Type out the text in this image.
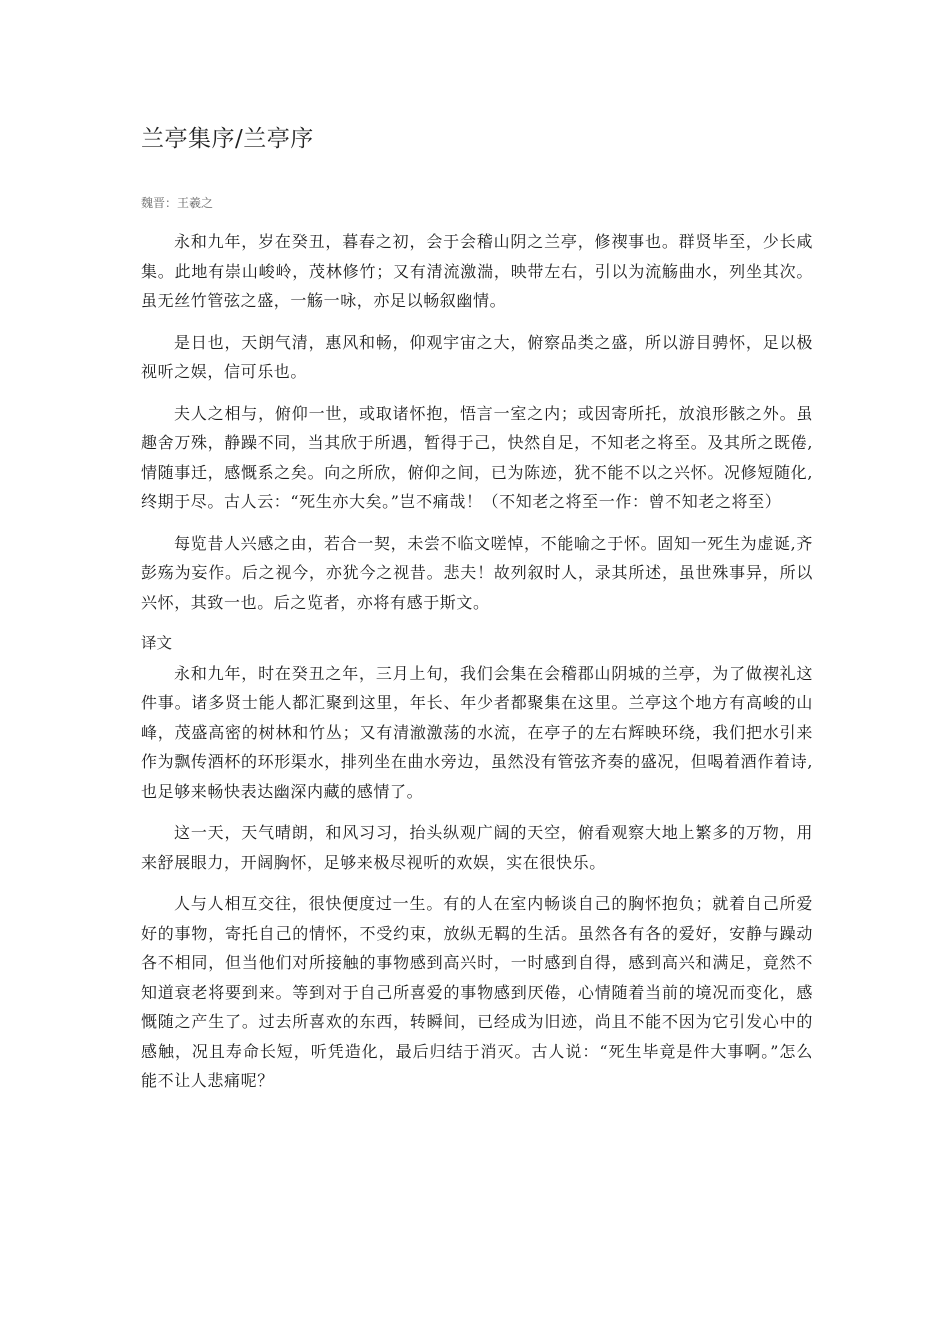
兰亭集序/兰亭序
魏晋：王羲之

永和九年，岁在癸丑，暮春之初，会于会稽山阴之兰亭，修禊事也。群贤毕至，少长咸集。此地有崇山峻岭，茂林修竹；又有清流激湍，映带左右，引以为流觞曲水，列坐其次。虽无丝竹管弦之盛，一觞一咏，亦足以畅叙幽情。

是日也，天朗气清，惠风和畅，仰观宇宙之大，俯察品类之盛，所以游目骋怀，足以极视听之娱，信可乐也。

夫人之相与，俯仰一世，或取诸怀抱，悟言一室之内；或因寄所托，放浪形骸之外。虽趣舍万殊，静躁不同，当其欣于所遇，暂得于己，快然自足，不知老之将至。及其所之既倦,情随事迁，感慨系之矣。向之所欣，俯仰之间，已为陈迹，犹不能不以之兴怀。况修短随化,终期于尽。古人云：“死生亦大矣。”岂不痛哉！（不知老之将至一作：曾不知老之将至）

每览昔人兴感之由，若合一契，未尝不临文嗟悼，不能喻之于怀。固知一死生为虚诞,齐彭殇为妄作。后之视今，亦犹今之视昔。悲夫！故列叙时人，录其所述，虽世殊事异，所以兴怀，其致一也。后之览者，亦将有感于斯文。

译文

永和九年，时在癸丑之年，三月上旬，我们会集在会稽郡山阴城的兰亭，为了做禊礼这件事。诸多贤士能人都汇聚到这里，年长、年少者都聚集在这里。兰亭这个地方有高峻的山峰，茂盛高密的树林和竹丛；又有清澈激荡的水流，在亭子的左右辉映环绕，我们把水引来作为飘传酒杯的环形渠水，排列坐在曲水旁边，虽然没有管弦齐奏的盛况，但喝着酒作着诗,也足够来畅快表达幽深内藏的感情了。

这一天，天气晴朗，和风习习，抬头纵观广阔的天空，俯看观察大地上繁多的万物，用来舒展眼力，开阔胸怀，足够来极尽视听的欢娱，实在很快乐。

人与人相互交往，很快便度过一生。有的人在室内畅谈自己的胸怀抱负；就着自己所爱好的事物，寄托自己的情怀，不受约束，放纵无羁的生活。虽然各有各的爱好，安静与躁动各不相同，但当他们对所接触的事物感到高兴时，一时感到自得，感到高兴和满足，竟然不知道衰老将要到来。等到对于自己所喜爱的事物感到厌倦，心情随着当前的境况而变化，感慨随之产生了。过去所喜欢的东西，转瞬间，已经成为旧迹，尚且不能不因为它引发心中的感触，况且寿命长短，听凭造化，最后归结于消灭。古人说：“死生毕竟是件大事啊。”怎么能不让人悲痛呢？
